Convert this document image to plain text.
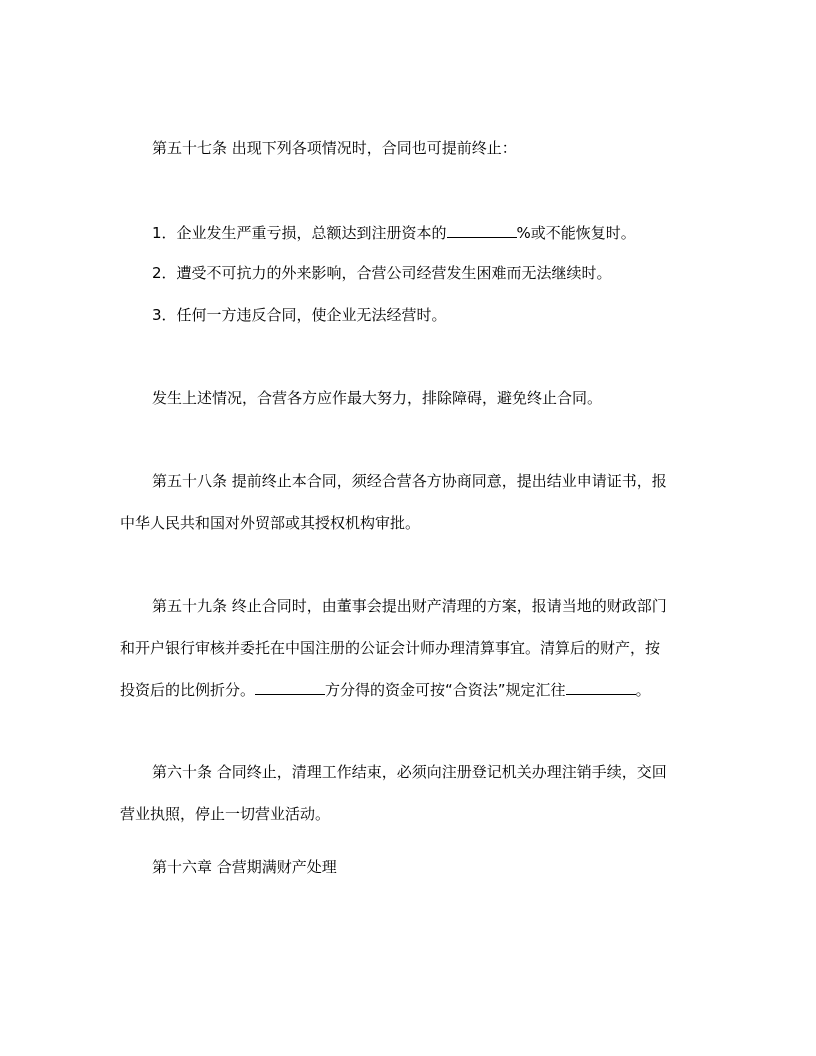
第五十七条 出现下列各项情况时，合同也可提前终止：
1．企业发生严重亏损，总额达到注册资本的	%或不能恢复时。
2．遭受不可抗力的外来影响，合营公司经营发生困难而无法继续时。
3．任何一方违反合同，使企业无法经营时。
发生上述情况，合营各方应作最大努力，排除障碍，避免终止合同。
第五十八条 提前终止本合同，须经合营各方协商同意，提出结业申请证书，报
中华人民共和国对外贸部或其授权机构审批。
第五十九条 终止合同时，由董事会提出财产清理的方案，报请当地的财政部门
和开户银行审核并委托在中国注册的公证会计师办理清算事宜。清算后的财产，按
投资后的比例折分。	方分得的资金可按“合资法”规定汇往	。
第六十条 合同终止，清理工作结束，必须向注册登记机关办理注销手续，交回
营业执照，停止一切营业活动。
第十六章 合营期满财产处理
